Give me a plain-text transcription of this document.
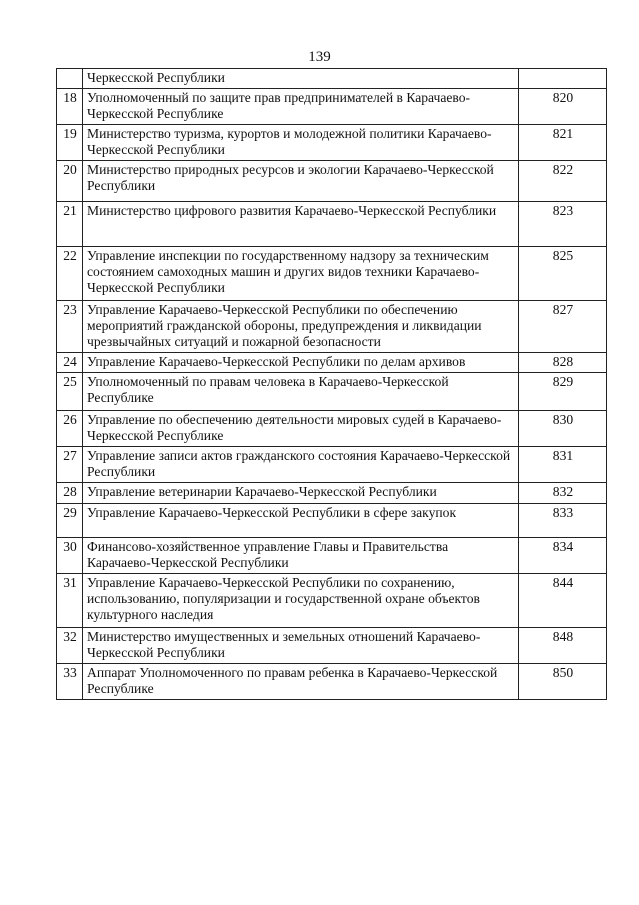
139
	Черкесской Республики	
18	Уполномоченный по защите прав предпринимателей в Карачаево-Черкесской Республике	820
19	Министерство туризма, курортов и молодежной политики Карачаево-Черкесской Республики	821
20	Министерство природных ресурсов и экологии Карачаево-Черкесской Республики	822
21	Министерство цифрового развития Карачаево-Черкесской Республики	823
22	Управление инспекции по государственному надзору за техническим состоянием самоходных машин и других видов техники Карачаево-Черкесской Республики	825
23	Управление Карачаево-Черкесской Республики по обеспечению мероприятий гражданской обороны, предупреждения и ликвидации чрезвычайных ситуаций и пожарной безопасности	827
24	Управление Карачаево-Черкесской Республики по делам архивов	828
25	Уполномоченный по правам человека в Карачаево-Черкесской Республике	829
26	Управление по обеспечению деятельности мировых судей в Карачаево-Черкесской Республике	830
27	Управление записи актов гражданского состояния Карачаево-Черкесской Республики	831
28	Управление ветеринарии Карачаево-Черкесской Республики	832
29	Управление Карачаево-Черкесской Республики в сфере закупок	833
30	Финансово-хозяйственное управление Главы и Правительства Карачаево-Черкесской Республики	834
31	Управление Карачаево-Черкесской Республики по сохранению, использованию, популяризации и государственной охране объектов культурного наследия	844
32	Министерство имущественных и земельных отношений Карачаево-Черкесской Республики	848
33	Аппарат Уполномоченного по правам ребенка в Карачаево-Черкесской Республике	850
